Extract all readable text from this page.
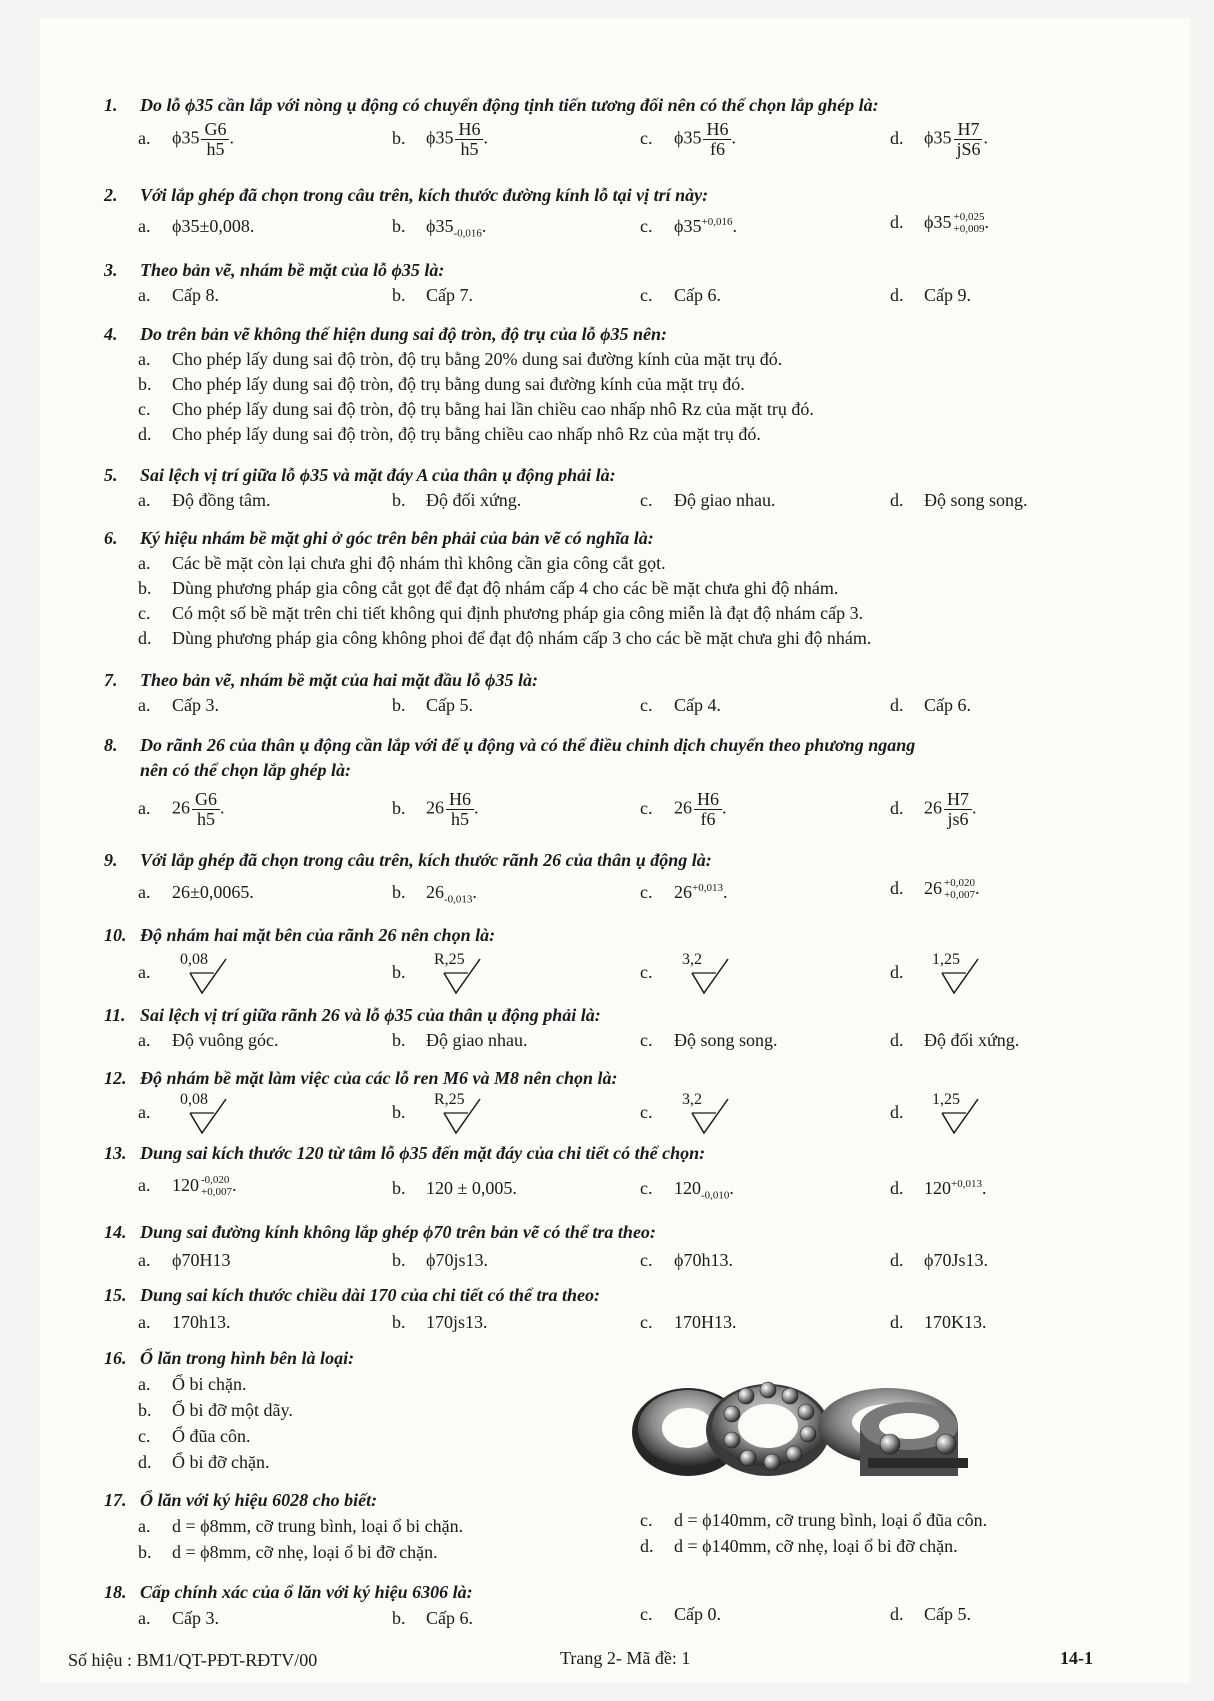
1. Do lỗ ϕ35 cần lắp với nòng ụ động có chuyển động tịnh tiến tương đối nên có thể chọn lắp ghép là:
a. $\phi 35 \frac{G6}{h5}$ .	b. $\phi 35 \frac{H6}{h5}$ .	c. $\phi 35 \frac{H6}{f6}$ .	d. $\phi 35 \frac{H7}{jS6}$ .
2. Với lắp ghép đã chọn trong câu trên, kích thước đường kính lỗ tại vị trí này:
a. ϕ35±0,008.	b. $\phi 35_{-0,016}$.	c. $\phi 35^{+0,016}$.	d. ϕ35 +0,025
+0,009 .
3. Theo bản vẽ, nhám bề mặt của lỗ ϕ35 là:
a. Cấp 8.	b. Cấp 7.	c. Cấp 6.	d. Cấp 9.
4. Do trên bản vẽ không thể hiện dung sai độ tròn, độ trụ của lỗ ϕ35 nên:
a. Cho phép lấy dung sai độ tròn, độ trụ bằng 20% dung sai đường kính của mặt trụ đó.
b. Cho phép lấy dung sai độ tròn, độ trụ bằng dung sai đường kính của mặt trụ đó.
c. Cho phép lấy dung sai độ tròn, độ trụ bằng hai lần chiều cao nhấp nhô Rz của mặt trụ đó.
d. Cho phép lấy dung sai độ tròn, độ trụ bằng chiều cao nhấp nhô Rz của mặt trụ đó.
5. Sai lệch vị trí giữa lỗ ϕ35 và mặt đáy A của thân ụ động phải là:
a. Độ đồng tâm.	b. Độ đối xứng.	c. Độ giao nhau.	d. Độ song song.
6. Ký hiệu nhám bề mặt ghi ở góc trên bên phải của bản vẽ có nghĩa là:
a. Các bề mặt còn lại chưa ghi độ nhám thì không cần gia công cắt gọt.
b. Dùng phương pháp gia công cắt gọt để đạt độ nhám cấp 4 cho các bề mặt chưa ghi độ nhám.
c. Có một số bề mặt trên chi tiết không qui định phương pháp gia công miễn là đạt độ nhám cấp 3.
d. Dùng phương pháp gia công không phoi để đạt độ nhám cấp 3 cho các bề mặt chưa ghi độ nhám.
7. Theo bản vẽ, nhám bề mặt của hai mặt đầu lỗ ϕ35 là:
a. Cấp 3.	b. Cấp 5.	c. Cấp 4.	d. Cấp 6.
8. Do rãnh 26 của thân ụ động cần lắp với đế ụ động và có thể điều chỉnh dịch chuyển theo phương ngang
nên có thể chọn lắp ghép là:
a. $26 \frac{G6}{h5}$ .	b. $26 \frac{H6}{h5}$ .	c. $26 \frac{H6}{f6}$ .	d. $26 \frac{H7}{js6}$ .
9. Với lắp ghép đã chọn trong câu trên, kích thước rãnh 26 của thân ụ động là:
a. 26±0,0065.	b. $26_{-0,013}$.	c. $26^{+0,013}$.	d. 26 +0,020
+0,007 .
10. Độ nhám hai mặt bên của rãnh 26 nên chọn là:
a.
0,08
b.
R,25
c.
3,2
d.
1,25
11. Sai lệch vị trí giữa rãnh 26 và lỗ ϕ35 của thân ụ động phải là:
a. Độ vuông góc.	b. Độ giao nhau.	c. Độ song song.	d. Độ đối xứng.
12. Độ nhám bề mặt làm việc của các lỗ ren M6 và M8 nên chọn là:
a.
0,08
b.
R,25
c.
3,2
d.
1,25
13. Dung sai kích thước 120 từ tâm lỗ ϕ35 đến mặt đáy của chi tiết có thể chọn:
a. 120 -0,020
+0,007 .	b. 120 ± 0,005.	c. $120_{-0,010}$.	d. $120^{+0,013}$.
14. Dung sai đường kính không lắp ghép ϕ70 trên bản vẽ có thể tra theo:
a. ϕ70H13	b. ϕ70js13.	c. ϕ70h13.	d. ϕ70Js13.
15. Dung sai kích thước chiều dài 170 của chi tiết có thể tra theo:
a. 170h13.	b. 170js13.	c. 170H13.	d. 170K13.
16. Ổ lăn trong hình bên là loại:
a. Ổ bi chặn.
b. Ổ bi đỡ một dãy.
c. Ổ đũa côn.
d. Ổ bi đỡ chặn.
17. Ổ lăn với ký hiệu 6028 cho biết:
a. d = ϕ8mm, cỡ trung bình, loại ổ bi chặn.
b. d = ϕ8mm, cỡ nhẹ, loại ổ bi đỡ chặn.
c. d = ϕ140mm, cỡ trung bình, loại ổ đũa côn.
d. d = ϕ140mm, cỡ nhẹ, loại ổ bi đỡ chặn.
18. Cấp chính xác của ổ lăn với ký hiệu 6306 là:
a. Cấp 3.	b. Cấp 6.	c. Cấp 0.	d. Cấp 5.
Số hiệu : BM1/QT-PĐT-RĐTV/00	Trang 2- Mã đề: 1	14-1
